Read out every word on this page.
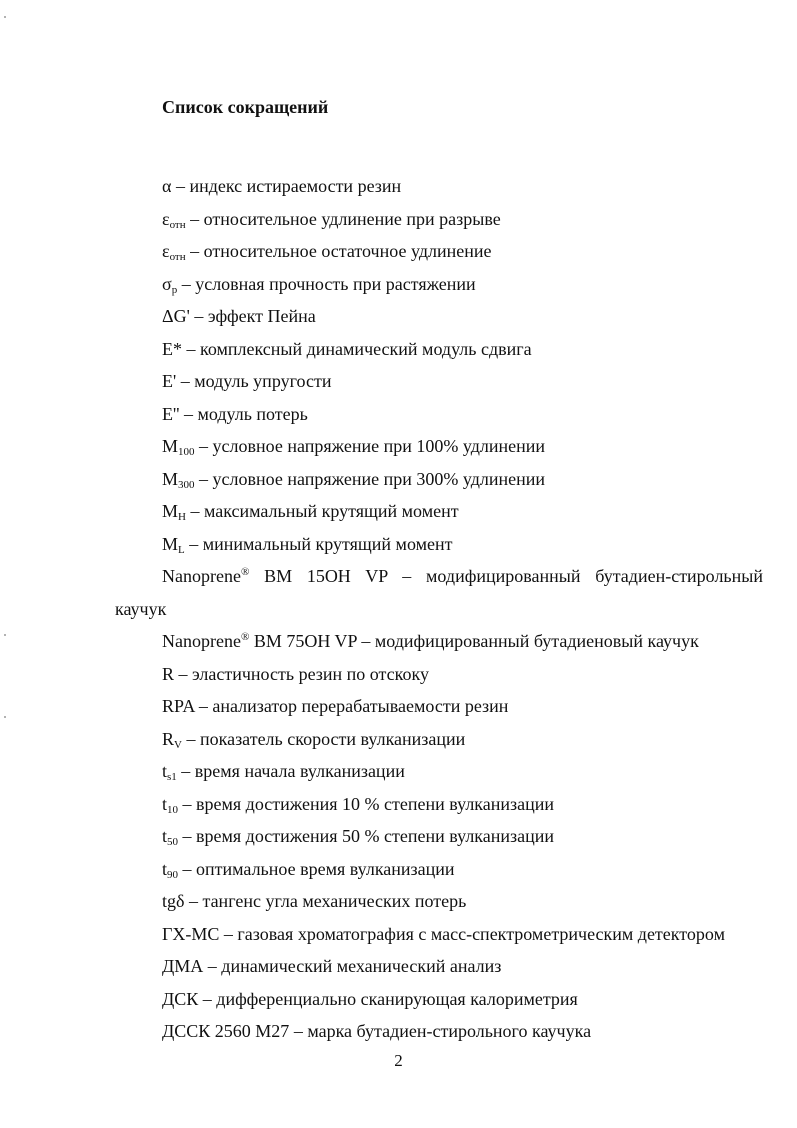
Список сокращений
α – индекс истираемости резин
$\varepsilon_{отн}$ – относительное удлинение при разрыве
$\varepsilon_{отн}$ – относительное остаточное удлинение
$\sigma_р$ – условная прочность при растяжении
ΔG' – эффект Пейна
E* – комплексный динамический модуль сдвига
E' – модуль упругости
E'' – модуль потерь
$M_{100}$ – условное напряжение при 100% удлинении
$M_{300}$ – условное напряжение при 300% удлинении
$M_H$ – максимальный крутящий момент
$M_L$ – минимальный крутящий момент
Nanoprene® BM 15OH VP – модифицированный бутадиен-стирольный
каучук
Nanoprene® BM 75OH VP – модифицированный бутадиеновый каучук
R – эластичность резин по отскоку
RPA – анализатор перерабатываемости резин
$R_V$ – показатель скорости вулканизации
$t_{s1}$ – время начала вулканизации
$t_{10}$ – время достижения 10 % степени вулканизации
$t_{50}$ – время достижения 50 % степени вулканизации
$t_{90}$ – оптимальное время вулканизации
tgδ – тангенс угла механических потерь
ГХ-МС – газовая хроматография с масс-спектрометрическим детектором
ДМА – динамический механический анализ
ДСК – дифференциально сканирующая калориметрия
ДССК 2560 М27 – марка бутадиен-стирольного каучука
2
